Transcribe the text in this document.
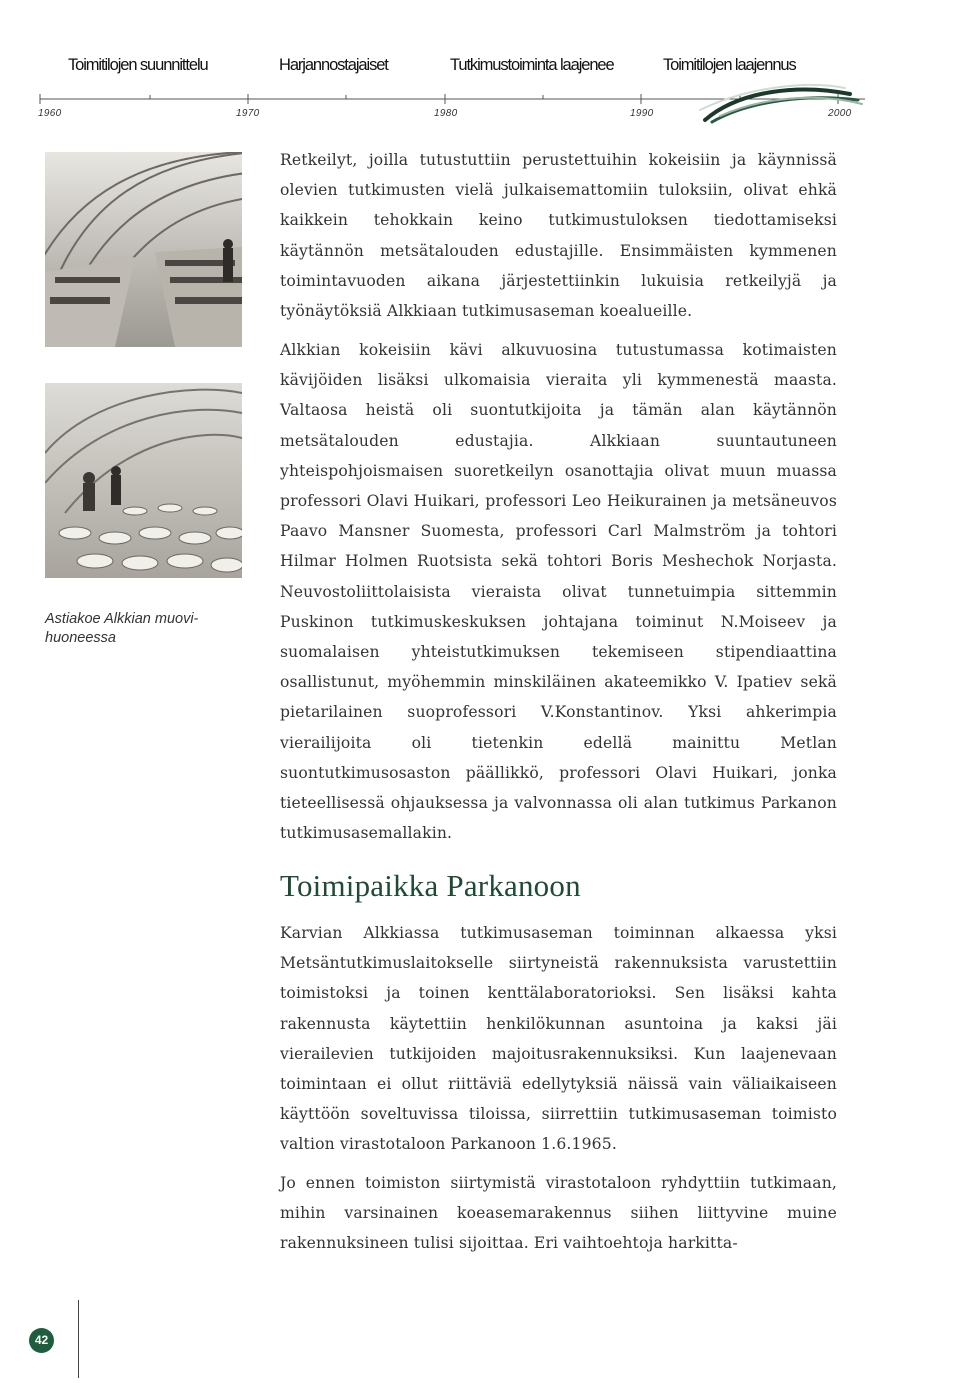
Toimitilojen suunnittelu	Harjannostajaiset	Tutkimustoiminta laajenee	Toimitilojen laajennus
1960	1970	1980	1990	2000
Astiakoe Alkkian muovi-huoneessa

Retkeilyt, joilla tutustuttiin perustettuihin kokeisiin ja käynnissä olevien tutkimusten vielä julkaisemattomiin tuloksiin, olivat ehkä kaikkein tehokkain keino tutkimustuloksen tiedottamiseksi käytännön metsätalouden edustajille. Ensimmäisten kymmenen toimintavuoden aikana järjestettiinkin lukuisia retkeilyjä ja työnäytöksiä Alkkiaan tutkimusaseman koealueille.

Alkkian kokeisiin kävi alkuvuosina tutustumassa kotimaisten kävijöiden lisäksi ulkomaisia vieraita yli kymmenestä maasta. Valtaosa heistä oli suontutkijoita ja tämän alan käytännön metsätalouden edustajia. Alkkiaan suuntautuneen yhteispohjoismaisen suoretkeilyn osanottajia olivat muun muassa professori Olavi Huikari, professori Leo Heikurainen ja metsäneuvos Paavo Mansner Suomesta, professori Carl Malmström ja tohtori Hilmar Holmen Ruotsista sekä tohtori Boris Meshechok Norjasta. Neuvostoliittolaisista vieraista olivat tunnetuimpia sittemmin Puskinon tutkimuskeskuksen johtajana toiminut N.Moiseev ja suomalaisen yhteistutkimuksen tekemiseen stipendiaattina osallistunut, myöhemmin minskiläinen akateemikko V. Ipatiev sekä pietarilainen suoprofessori V.Konstantinov. Yksi ahkerimpia vierailijoita oli tietenkin edellä mainittu Metlan suontutkimusosaston päällikkö, professori Olavi Huikari, jonka tieteellisessä ohjauksessa ja valvonnassa oli alan tutkimus Parkanon tutkimusasemallakin.

Toimipaikka Parkanoon

Karvian Alkkiassa tutkimusaseman toiminnan alkaessa yksi Metsäntutkimuslaitokselle siirtyneistä rakennuksista varustettiin toimistoksi ja toinen kenttälaboratorioksi. Sen lisäksi kahta rakennusta käytettiin henkilökunnan asuntoina ja kaksi jäi vierailevien tutkijoiden majoitusrakennuksiksi. Kun laajenevaan toimintaan ei ollut riittäviä edellytyksiä näissä vain väliaikaiseen käyttöön soveltuvissa tiloissa, siirrettiin tutkimusaseman toimisto valtion virastotaloon Parkanoon 1.6.1965.

Jo ennen toimiston siirtymistä virastotaloon ryhdyttiin tutkimaan, mihin varsinainen koeasemarakennus siihen liittyvine muine rakennuksineen tulisi sijoittaa. Eri vaihtoehtoja harkitta-

42
